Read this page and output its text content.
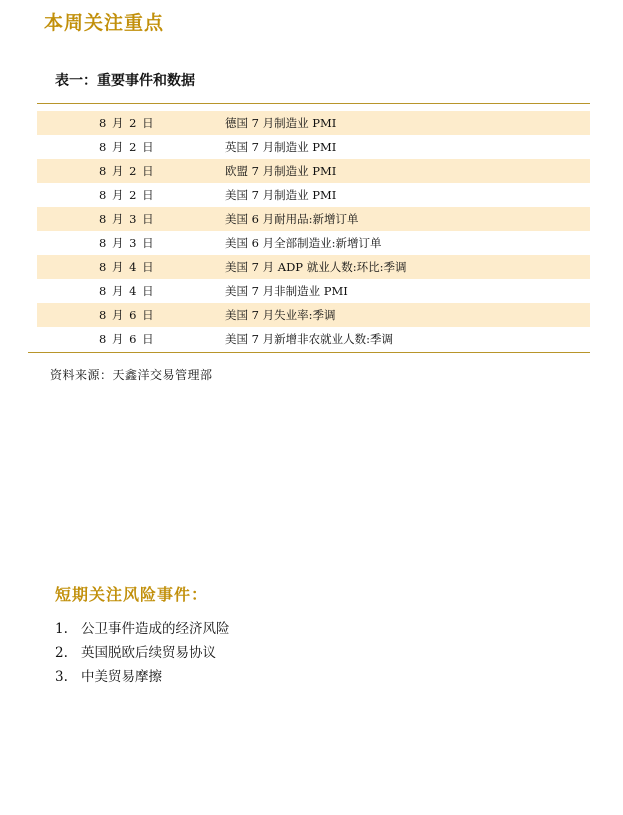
本周关注重点
表一：重要事件和数据
8 月 2 日	德国 7 月制造业 PMI
8 月 2 日	英国 7 月制造业 PMI
8 月 2 日	欧盟 7 月制造业 PMI
8 月 2 日	美国 7 月制造业 PMI
8 月 3 日	美国 6 月耐用品:新增订单
8 月 3 日	美国 6 月全部制造业:新增订单
8 月 4 日	美国 7 月 ADP 就业人数:环比:季调
8 月 4 日	美国 7 月非制造业 PMI
8 月 6 日	美国 7 月失业率:季调
8 月 6 日	美国 7 月新增非农就业人数:季调
资料来源：天鑫洋交易管理部
短期关注风险事件：
1. 公卫事件造成的经济风险
2. 英国脱欧后续贸易协议
3. 中美贸易摩擦
